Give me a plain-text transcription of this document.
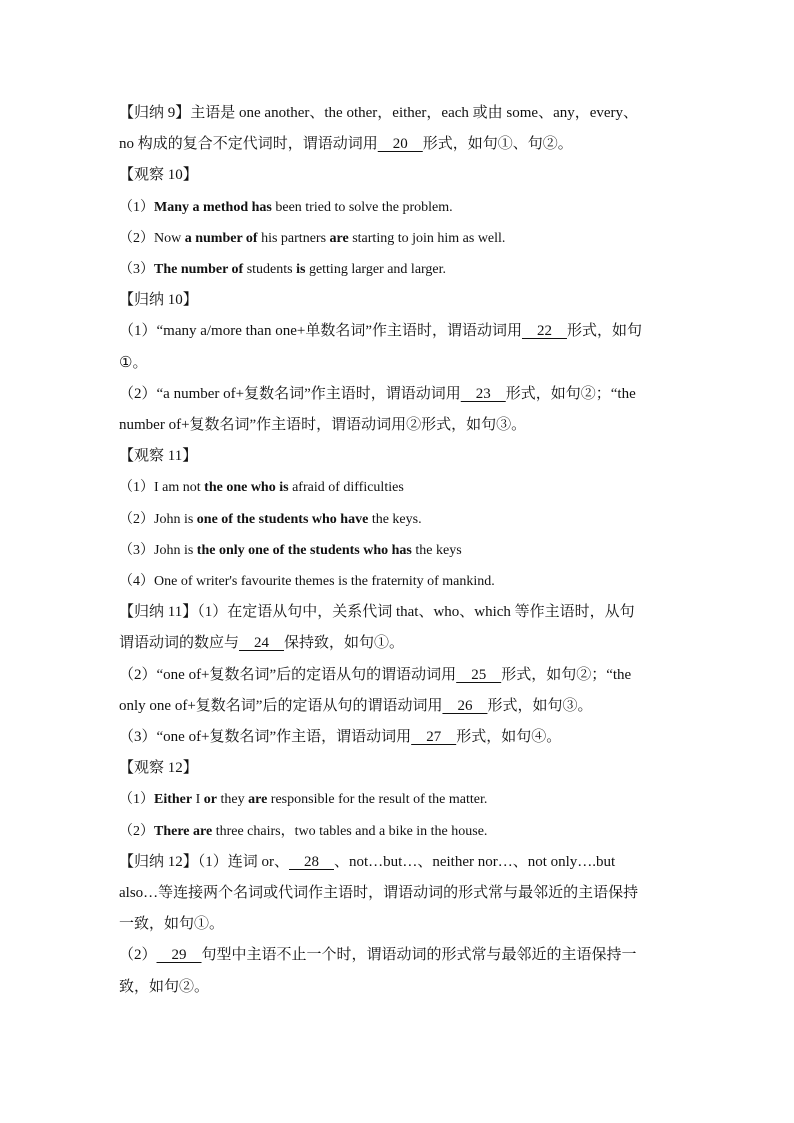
【归纳 9】主语是 one another、the other，either，each 或由 some、any，every、
no 构成的复合不定代词时，谓语动词用    20    形式，如句①、句②。
【观察 10】
（1）Many a method has been tried to solve the problem.
（2）Now a number of his partners are starting to join him as well.
（3）The number of students is getting larger and larger.
【归纳 10】
（1）“many a/more than one+单数名词”作主语时，谓语动词用    22    形式，如句
①。
（2）“a number of+复数名词”作主语时，谓语动词用    23    形式，如句②；“the
number of+复数名词”作主语时，谓语动词用②形式，如句③。
【观察 11】
（1）I am not the one who is afraid of difficulties
（2）John is one of the students who have the keys.
（3）John is the only one of the students who has the keys
（4）One of writer's favourite themes is the fraternity of mankind.
【归纳 11】（1）在定语从句中，关系代词 that、who、which 等作主语时，从句
谓语动词的数应与    24    保持致，如句①。
（2）“one of+复数名词”后的定语从句的谓语动词用    25    形式，如句②；“the
only one of+复数名词”后的定语从句的谓语动词用    26    形式，如句③。
（3）“one of+复数名词”作主语，谓语动词用    27    形式，如句④。
【观察 12】
（1）Either I or they are responsible for the result of the matter.
（2）There are three chairs，two tables and a bike in the house.
【归纳 12】（1）连词 or、    28    、not…but…、neither nor…、not only….but
also…等连接两个名词或代词作主语时，谓语动词的形式常与最邻近的主语保持
一致，如句①。
（2）    29    句型中主语不止一个时，谓语动词的形式常与最邻近的主语保持一
致，如句②。
